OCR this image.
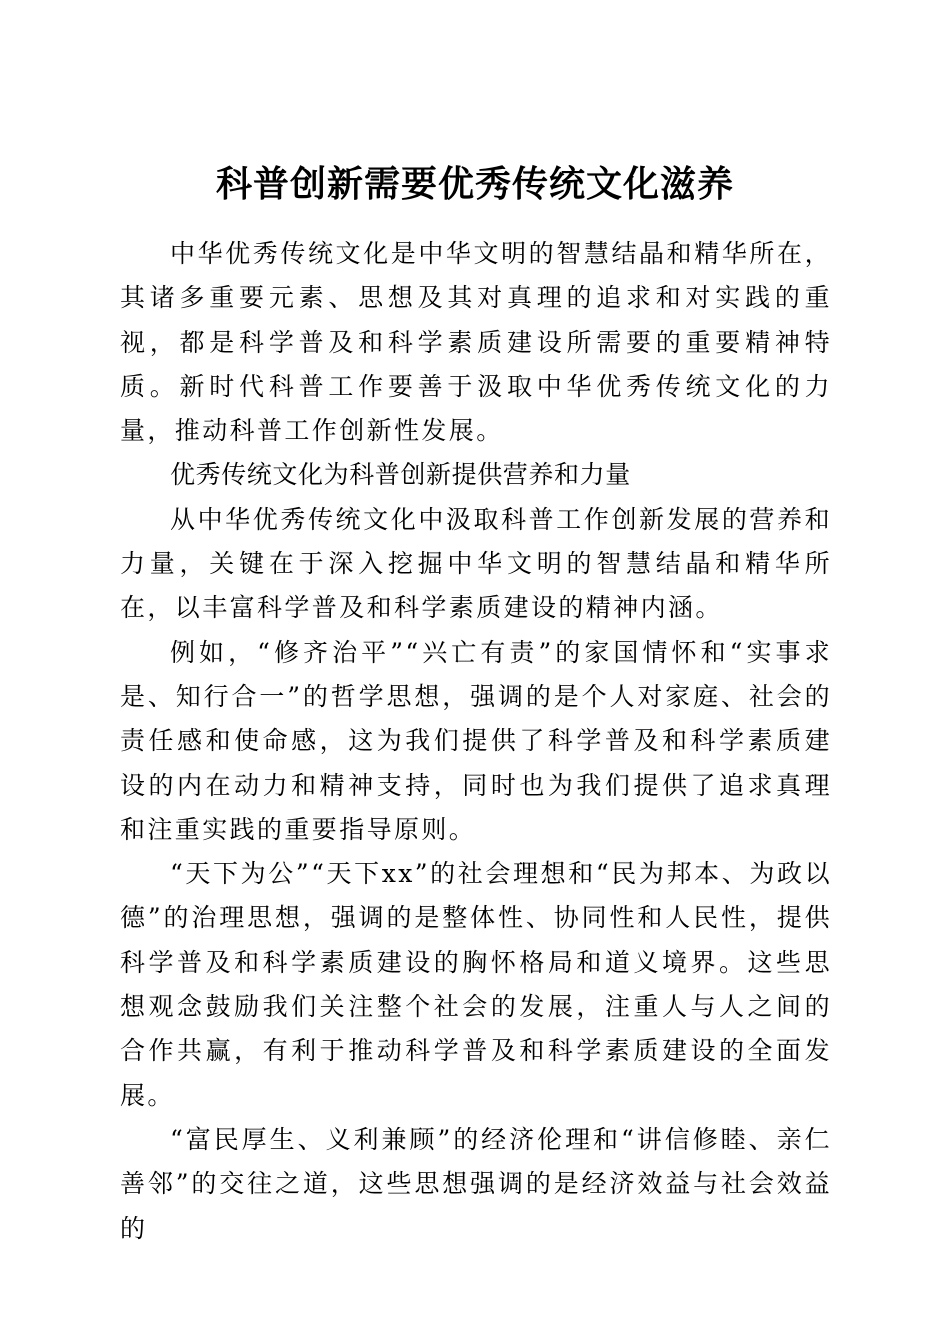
科普创新需要优秀传统文化滋养

中华优秀传统文化是中华文明的智慧结晶和精华所在，其诸多重要元素、思想及其对真理的追求和对实践的重视，都是科学普及和科学素质建设所需要的重要精神特质。新时代科普工作要善于汲取中华优秀传统文化的力量，推动科普工作创新性发展。

优秀传统文化为科普创新提供营养和力量

从中华优秀传统文化中汲取科普工作创新发展的营养和力量，关键在于深入挖掘中华文明的智慧结晶和精华所在，以丰富科学普及和科学素质建设的精神内涵。

例如，“修齐治平”“兴亡有责”的家国情怀和“实事求是、知行合一”的哲学思想，强调的是个人对家庭、社会的责任感和使命感，这为我们提供了科学普及和科学素质建设的内在动力和精神支持，同时也为我们提供了追求真理和注重实践的重要指导原则。

“天下为公”“天下xx”的社会理想和“民为邦本、为政以德”的治理思想，强调的是整体性、协同性和人民性，提供科学普及和科学素质建设的胸怀格局和道义境界。这些思想观念鼓励我们关注整个社会的发展，注重人与人之间的合作共赢，有利于推动科学普及和科学素质建设的全面发展。

“富民厚生、义利兼顾”的经济伦理和“讲信修睦、亲仁善邻”的交往之道，这些思想强调的是经济效益与社会效益的
